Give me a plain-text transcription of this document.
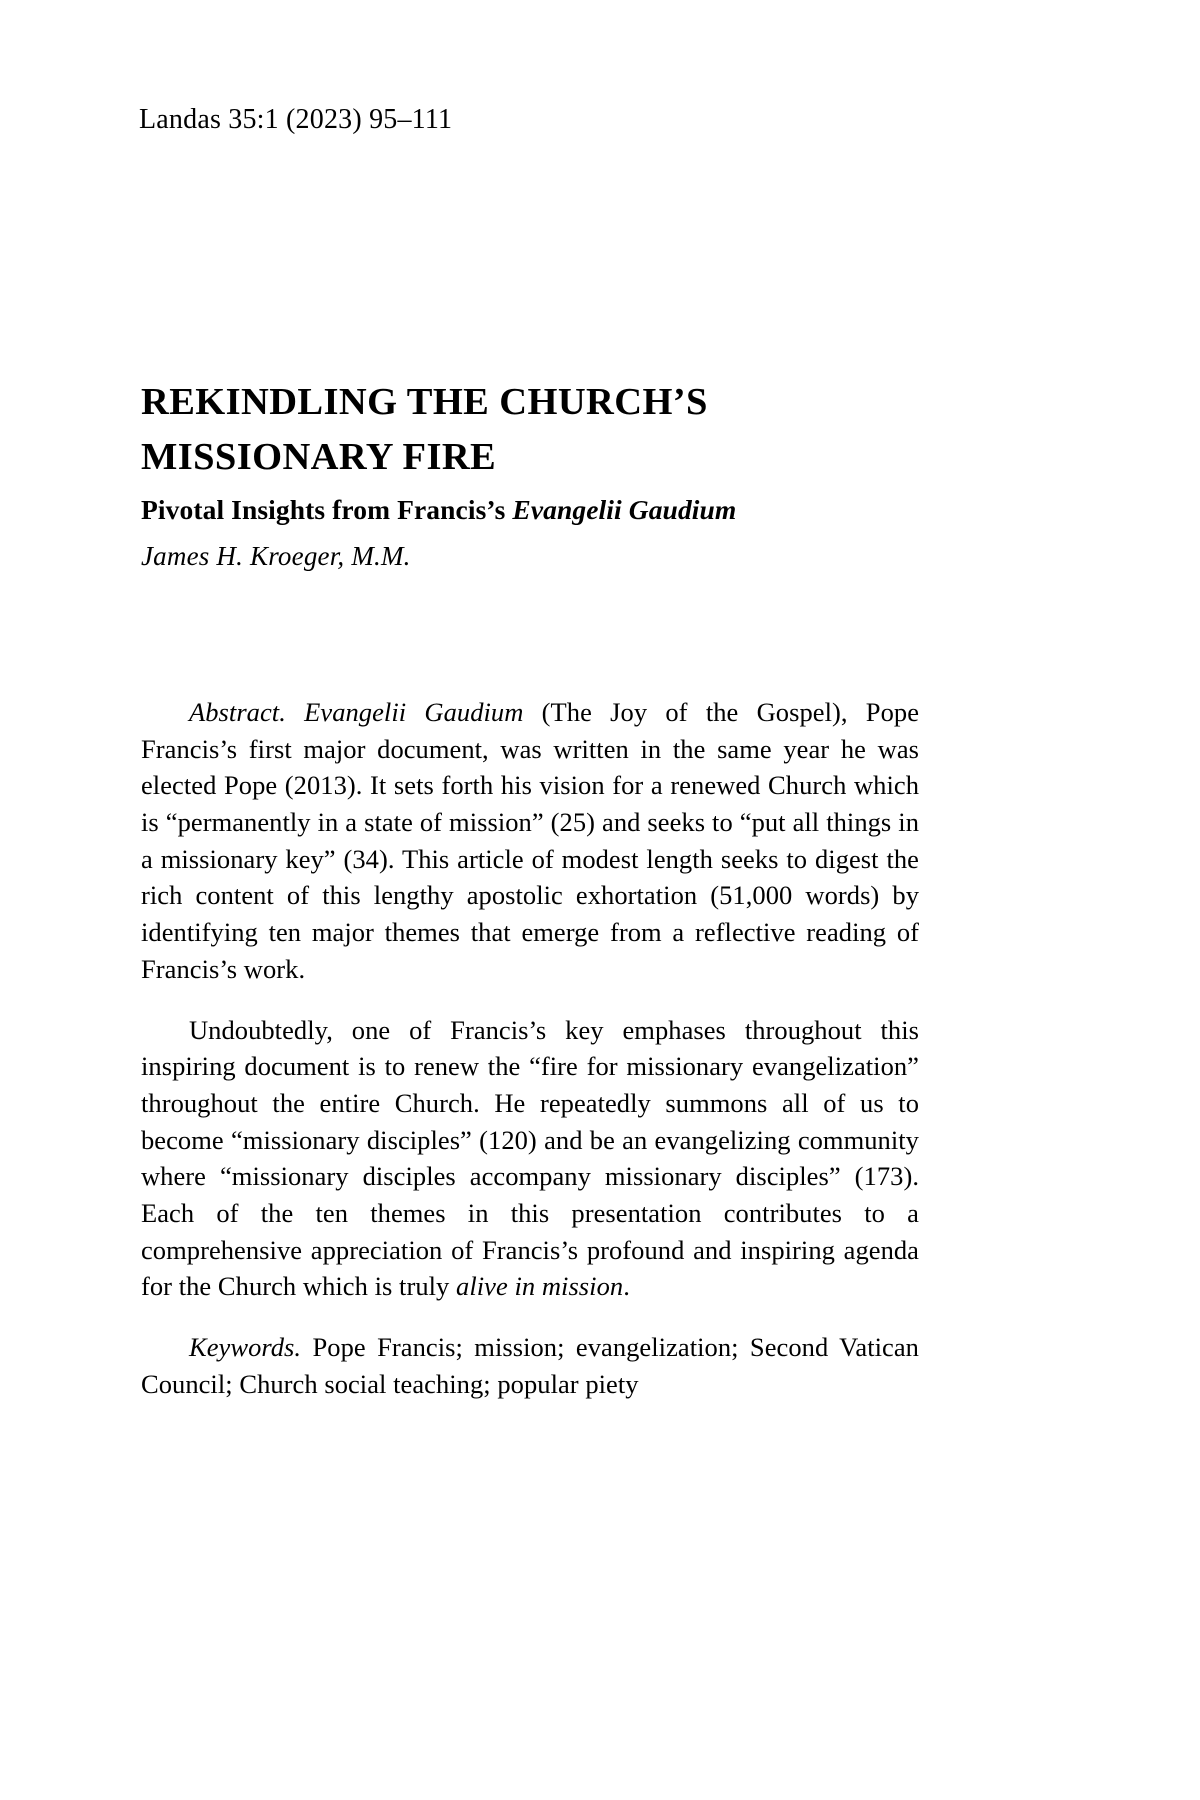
Landas 35:1 (2023) 95–111
REKINDLING THE CHURCH’S MISSIONARY FIRE

Pivotal Insights from Francis’s Evangelii Gaudium

James H. Kroeger, M.M.

Abstract. Evangelii Gaudium (The Joy of the Gospel), Pope Francis’s first major document, was written in the same year he was elected Pope (2013). It sets forth his vision for a renewed Church which is “permanently in a state of mission” (25) and seeks to “put all things in a missionary key” (34). This article of modest length seeks to digest the rich content of this lengthy apostolic exhortation (51,000 words) by identifying ten major themes that emerge from a reflective reading of Francis’s work.

Undoubtedly, one of Francis’s key emphases throughout this inspiring document is to renew the “fire for missionary evangelization” throughout the entire Church. He repeatedly summons all of us to become “missionary disciples” (120) and be an evangelizing community where “missionary disciples accompany missionary disciples” (173). Each of the ten themes in this presentation contributes to a comprehensive appreciation of Francis’s profound and inspiring agenda for the Church which is truly alive in mission.

Keywords. Pope Francis; mission; evangelization; Second Vatican Council; Church social teaching; popular piety
